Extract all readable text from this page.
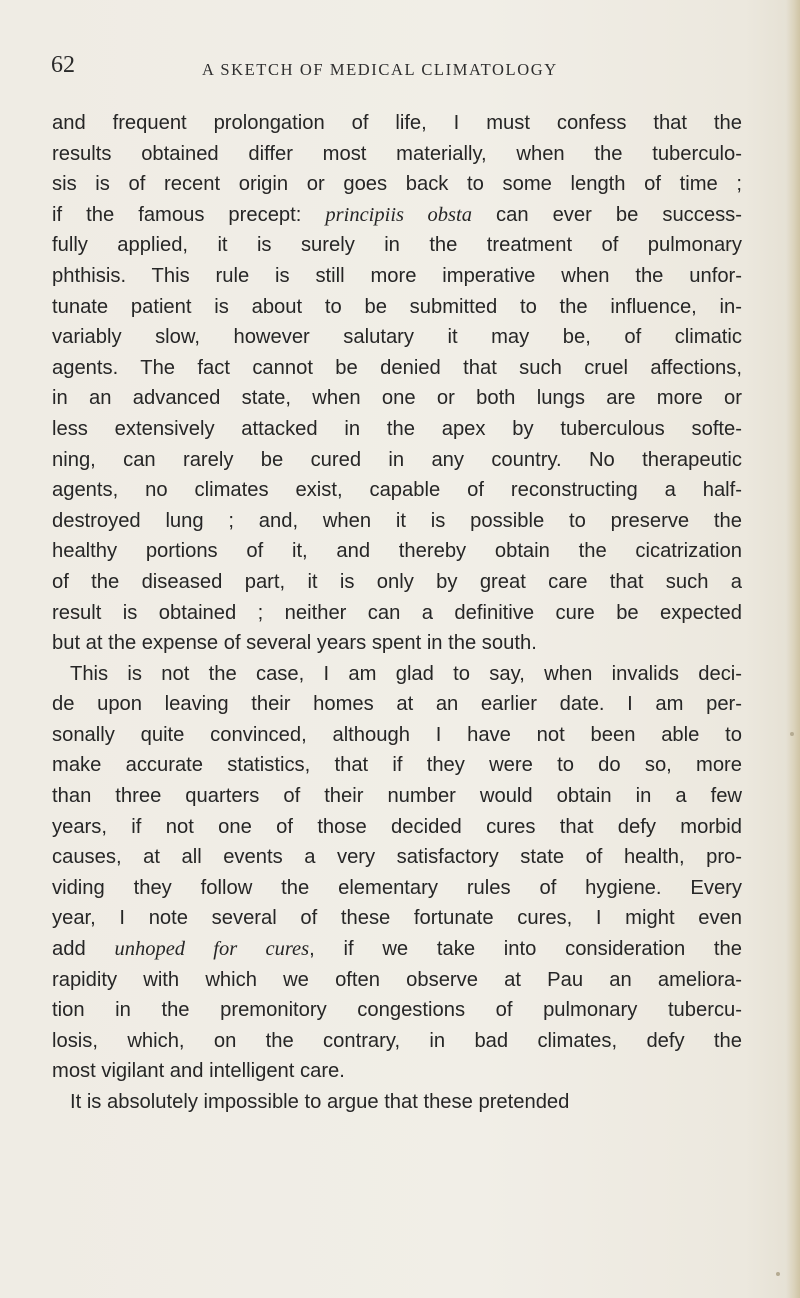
62	A SKETCH OF MEDICAL CLIMATOLOGY
and frequent prolongation of life, I must confess that the
results obtained differ most materially, when the tuberculo-
sis is of recent origin or goes back to some length of time ;
if the famous precept: principiis obsta can ever be success-
fully applied, it is surely in the treatment of pulmonary
phthisis. This rule is still more imperative when the unfor-
tunate patient is about to be submitted to the influence, in-
variably slow, however salutary it may be, of climatic
agents. The fact cannot be denied that such cruel affections,
in an advanced state, when one or both lungs are more or
less extensively attacked in the apex by tuberculous softe-
ning, can rarely be cured in any country. No therapeutic
agents, no climates exist, capable of reconstructing a half-
destroyed lung ; and, when it is possible to preserve the
healthy portions of it, and thereby obtain the cicatrization
of the diseased part, it is only by great care that such a
result is obtained ; neither can a definitive cure be expected
but at the expense of several years spent in the south.
This is not the case, I am glad to say, when invalids deci-
de upon leaving their homes at an earlier date. I am per-
sonally quite convinced, although I have not been able to
make accurate statistics, that if they were to do so, more
than three quarters of their number would obtain in a few
years, if not one of those decided cures that defy morbid
causes, at all events a very satisfactory state of health, pro-
viding they follow the elementary rules of hygiene. Every
year, I note several of these fortunate cures, I might even
add unhoped for cures, if we take into consideration the
rapidity with which we often observe at Pau an ameliora-
tion in the premonitory congestions of pulmonary tubercu-
losis, which, on the contrary, in bad climates, defy the
most vigilant and intelligent care.
It is absolutely impossible to argue that these pretended
